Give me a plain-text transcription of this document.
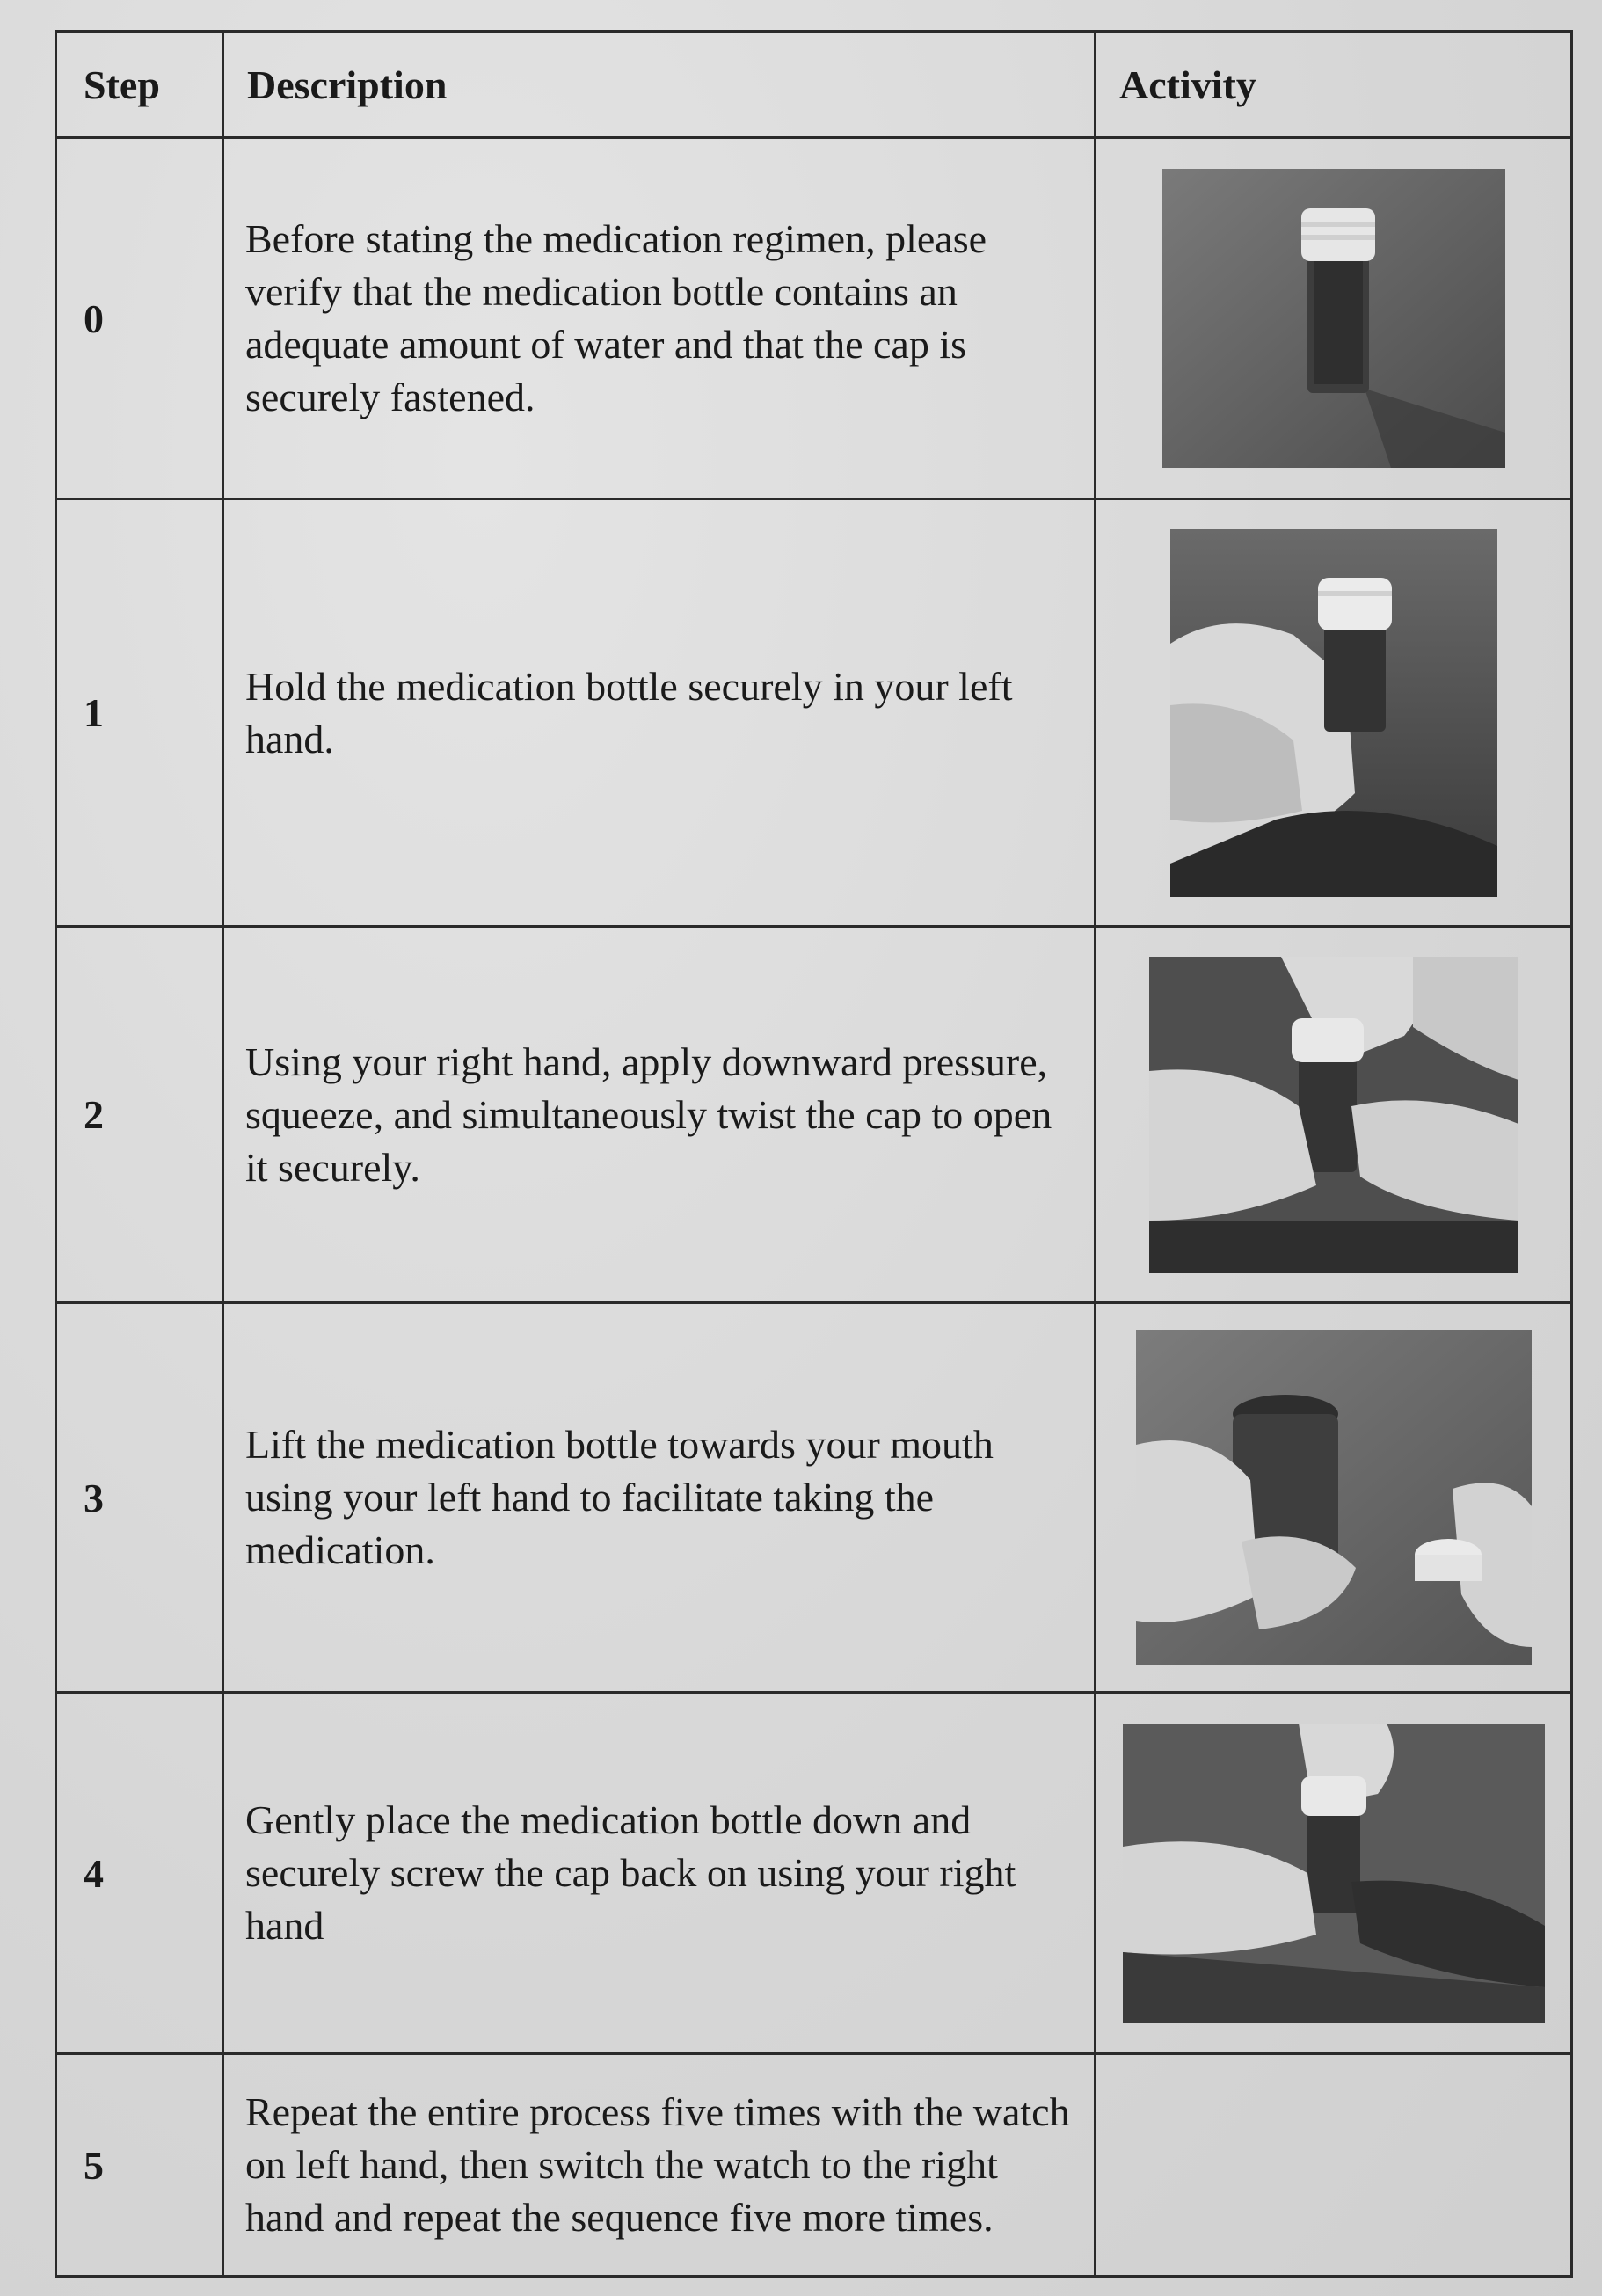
Step	Description	Activity
0	Before stating the medication regimen, please verify that the medication bottle contains an adequate amount of water and that the cap is securely fastened.	

1	Hold the medication bottle securely in your left hand.	

2	Using your right hand, apply downward pressure, squeeze, and simultaneously twist the cap to open it securely.	

3	Lift the medication bottle towards your mouth using your left hand to facilitate taking the medication.	

4	Gently place the medication bottle down and securely screw the cap back on using your right hand	

5	Repeat the entire process five times with the watch on left hand, then switch the watch to the right hand and repeat the sequence five more times.	
